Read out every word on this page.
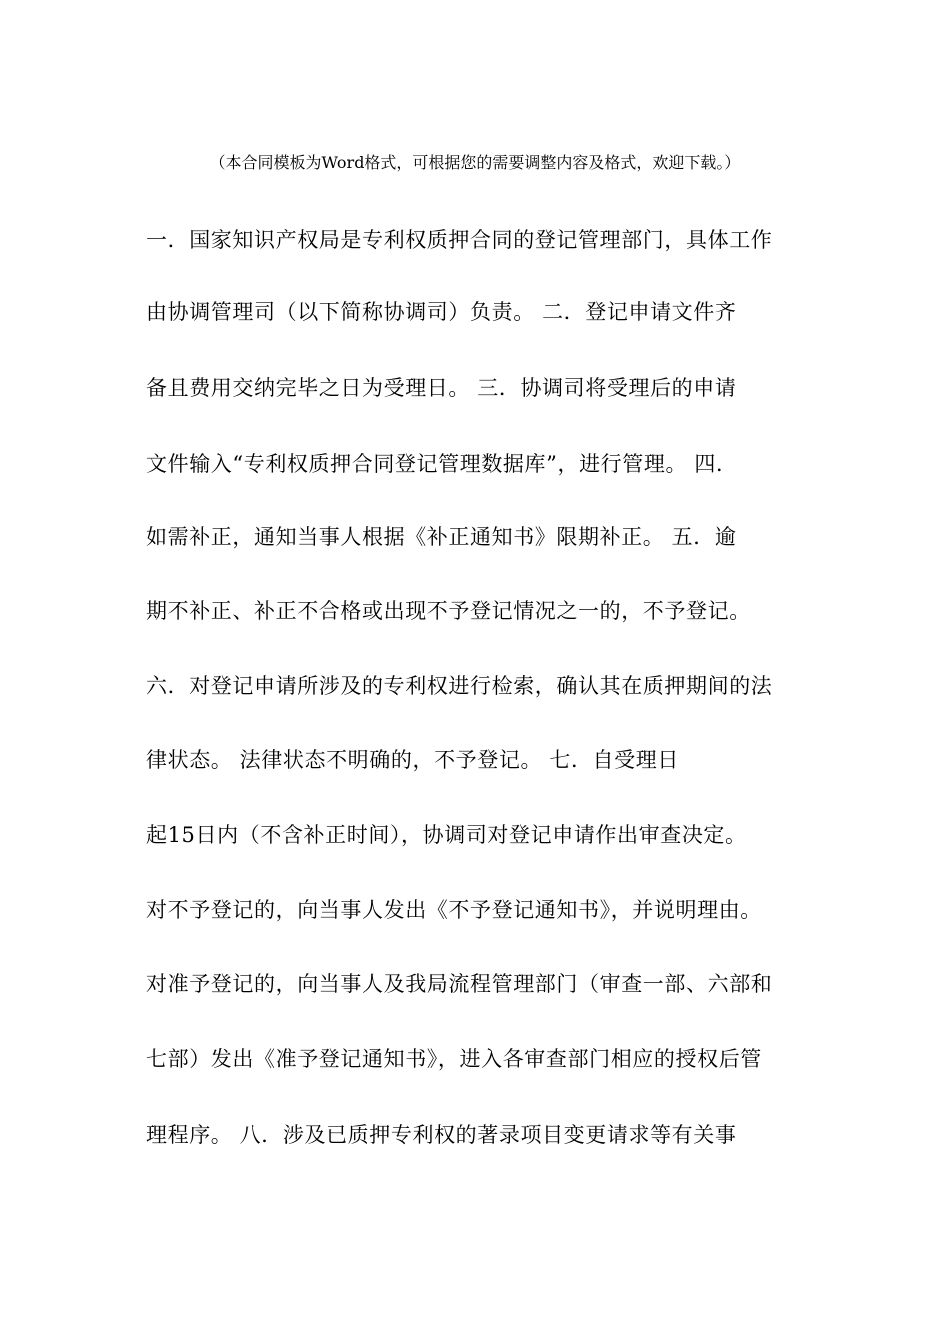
（本合同模板为Word格式，可根据您的需要调整内容及格式，欢迎下载。）
一．国家知识产权局是专利权质押合同的登记管理部门，具体工作
由协调管理司（以下简称协调司）负责。 二．登记申请文件齐
备且费用交纳完毕之日为受理日。 三．协调司将受理后的申请
文件输入“专利权质押合同登记管理数据库”，进行管理。 四．
如需补正，通知当事人根据《补正通知书》限期补正。 五．逾
期不补正、补正不合格或出现不予登记情况之一的，不予登记。
六．对登记申请所涉及的专利权进行检索，确认其在质押期间的法
律状态。 法律状态不明确的，不予登记。 七．自受理日
起15日内（不含补正时间），协调司对登记申请作出审查决定。
对不予登记的，向当事人发出《不予登记通知书》，并说明理由。
对准予登记的，向当事人及我局流程管理部门（审查一部、六部和
七部）发出《准予登记通知书》，进入各审查部门相应的授权后管
理程序。 八．涉及已质押专利权的著录项目变更请求等有关事
